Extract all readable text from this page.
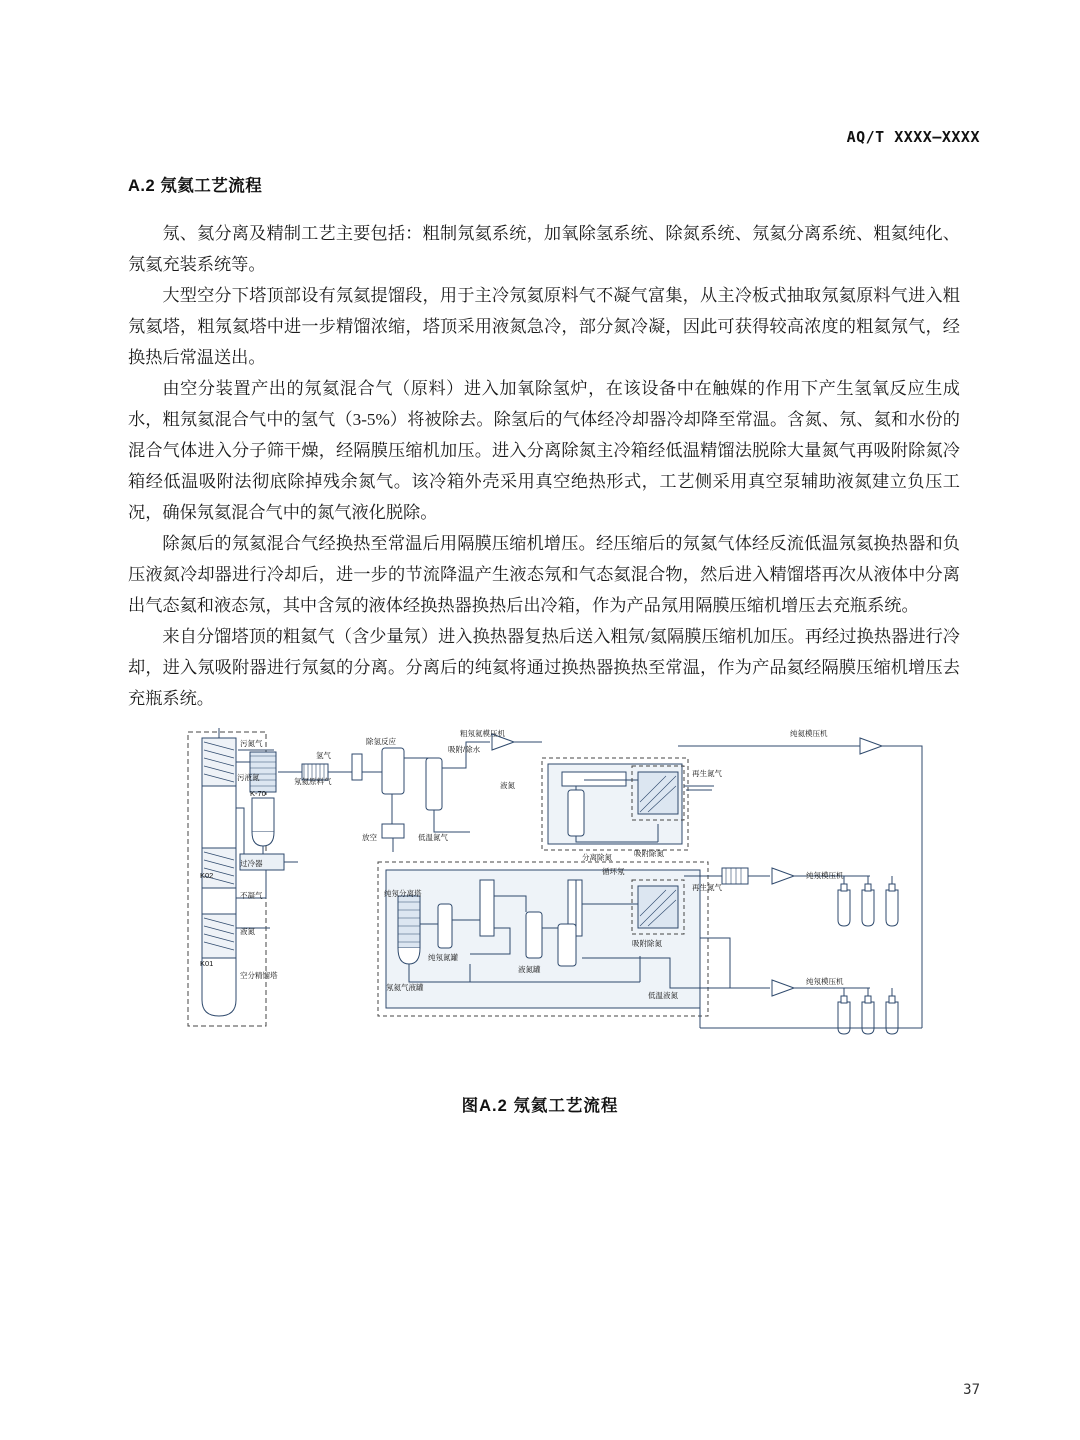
AQ/T XXXX—XXXX
A.2 氖氦工艺流程

氖、氦分离及精制工艺主要包括：粗制氖氦系统，加氧除氢系统、除氮系统、氖氦分离系统、粗氦纯化、氖氦充装系统等。

大型空分下塔顶部设有氖氦提馏段，用于主冷氖氦原料气不凝气富集，从主冷板式抽取氖氦原料气进入粗氖氦塔，粗氖氦塔中进一步精馏浓缩，塔顶采用液氮急冷，部分氮冷凝，因此可获得较高浓度的粗氦氖气，经换热后常温送出。

由空分装置产出的氖氦混合气（原料）进入加氧除氢炉，在该设备中在触媒的作用下产生氢氧反应生成水，粗氖氦混合气中的氢气（3-5%）将被除去。除氢后的气体经冷却器冷却降至常温。含氮、氖、氦和水份的混合气体进入分子筛干燥，经隔膜压缩机加压。进入分离除氮主冷箱经低温精馏法脱除大量氮气再吸附除氮冷箱经低温吸附法彻底除掉残余氮气。该冷箱外壳采用真空绝热形式，工艺侧采用真空泵辅助液氮建立负压工况，确保氖氦混合气中的氮气液化脱除。

除氮后的氖氦混合气经换热至常温后用隔膜压缩机增压。经压缩后的氖氦气体经反流低温氖氦换热器和负压液氮冷却器进行冷却后，进一步的节流降温产生液态氖和气态氦混合物，然后进入精馏塔再次从液体中分离出气态氦和液态氖，其中含氖的液体经换热器换热后出冷箱，作为产品氖用隔膜压缩机增压去充瓶系统。

来自分馏塔顶的粗氦气（含少量氖）进入换热器复热后送入粗氖/氦隔膜压缩机加压。再经过换热器进行冷却，进入氖吸附器进行氖氦的分离。分离后的纯氦将通过换热器换热至常温，作为产品氦经隔膜压缩机增压去充瓶系统。

污氮气
氢气
除氢反应
粗氖氦模压机	纯氦模压机
污液氮
K-70
氖氦原料气
吸附/除水
液氮
再生氮气
过冷器
K02
不凝气
放空	低温氮气
分离除氮	吸附除氮
液氮
纯氖模压机
K01
空分精馏塔
纯氖分离塔
纯氖氮罐
液氮罐
氖氦气液罐
循环氖
再生氮气
吸附除氮
低温液氮
纯氖模压机
图A.2 氖氦工艺流程
37
